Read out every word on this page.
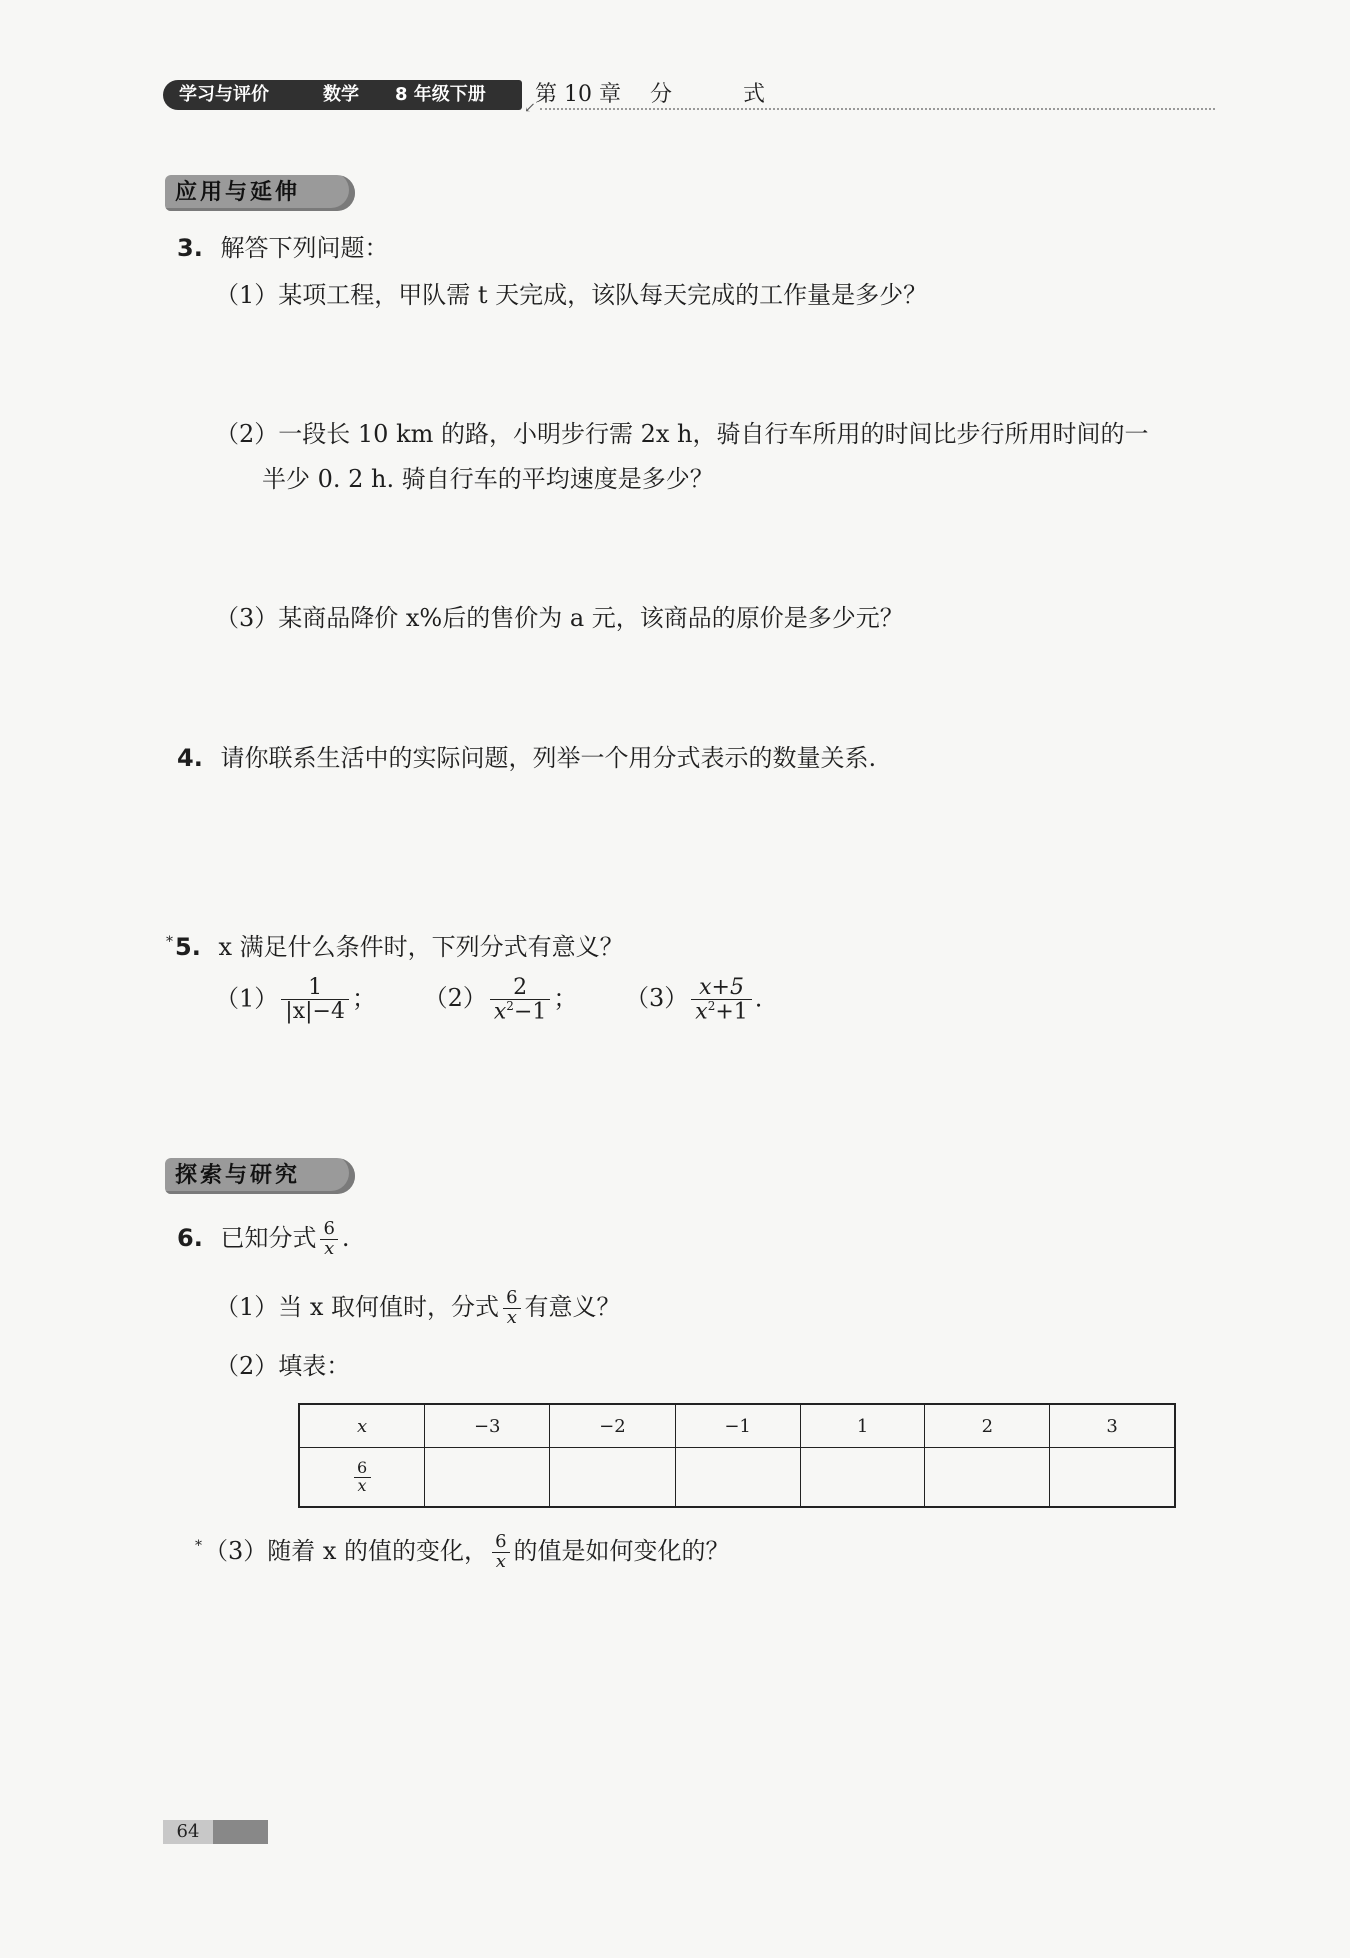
学习与评价	数学 8 年级下册
↙
第 10 章 分	式
应用与延伸
3. 解答下列问题：
（1）某项工程，甲队需 t 天完成，该队每天完成的工作量是多少？
（2）一段长 10 km 的路，小明步行需 2x h，骑自行车所用的时间比步行所用时间的一
半少 0. 2 h. 骑自行车的平均速度是多少？
（3）某商品降价 x%后的售价为 a 元，该商品的原价是多少元？
4. 请你联系生活中的实际问题，列举一个用分式表示的数量关系.
*5. x 满足什么条件时，下列分式有意义？
$(1) \frac{1}{|x|-4}$ ； $(2) \frac{2}{x^2-1}$ ； $(3) \frac{x+5}{x^2+1}$ .
探索与研究
6. 已知分式 $\frac{6}{x}$ .
（1）当 x 取何值时，分式 $\frac{6}{x}$ 有意义？
（2）填表：
x	−3	−2	−1	1	2	3

$\frac{6}{x}$

*（3）随着 x 的值的变化， $\frac{6}{x}$ 的值是如何变化的？
64
